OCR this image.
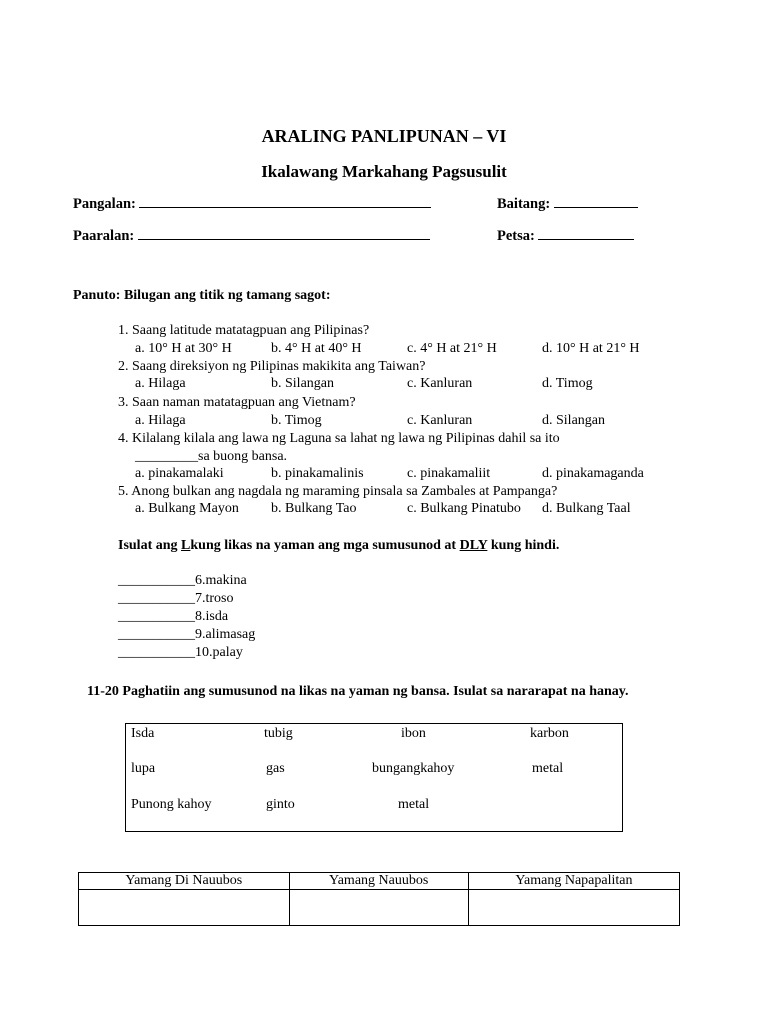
ARALING PANLIPUNAN – VI
Ikalawang Markahang Pagsusulit
Pangalan:	Baitang:
Paaralan:	Petsa:
Panuto: Bilugan ang titik ng tamang sagot:
1. Saang latitude matatagpuan ang Pilipinas?
a. 10° H at 30° H	b. 4° H at 40° H	c. 4° H at 21° H	d. 10° H at 21° H
2. Saang direksiyon ng Pilipinas makikita ang Taiwan?
a. Hilaga	b. Silangan	c. Kanluran	d. Timog
3. Saan naman matatagpuan ang Vietnam?
a. Hilaga	b. Timog	c. Kanluran	d. Silangan
4. Kilalang kilala ang lawa ng Laguna sa lahat ng lawa ng Pilipinas dahil sa ito
_________sa buong bansa.
a. pinakamalaki	b. pinakamalinis	c. pinakamaliit	d. pinakamaganda
5. Anong bulkan ang nagdala ng maraming pinsala sa Zambales at Pampanga?
a. Bulkang Mayon b. Bulkang Tao	c. Bulkang Pinatubo d. Bulkang Taal
Isulat ang Lkung likas na yaman ang mga sumusunod at DLY kung hindi.
___________6.makina
___________7.troso
___________8.isda
___________9.alimasag
___________10.palay
11-20 Paghatiin ang sumusunod na likas na yaman ng bansa. Isulat sa nararapat na hanay.
Isda	tubig	ibon	karbon
lupa	gas	bungangkahoy	metal
Punong kahoy	ginto	metal
Yamang Di Nauubos	Yamang Nauubos	Yamang Napapalitan
